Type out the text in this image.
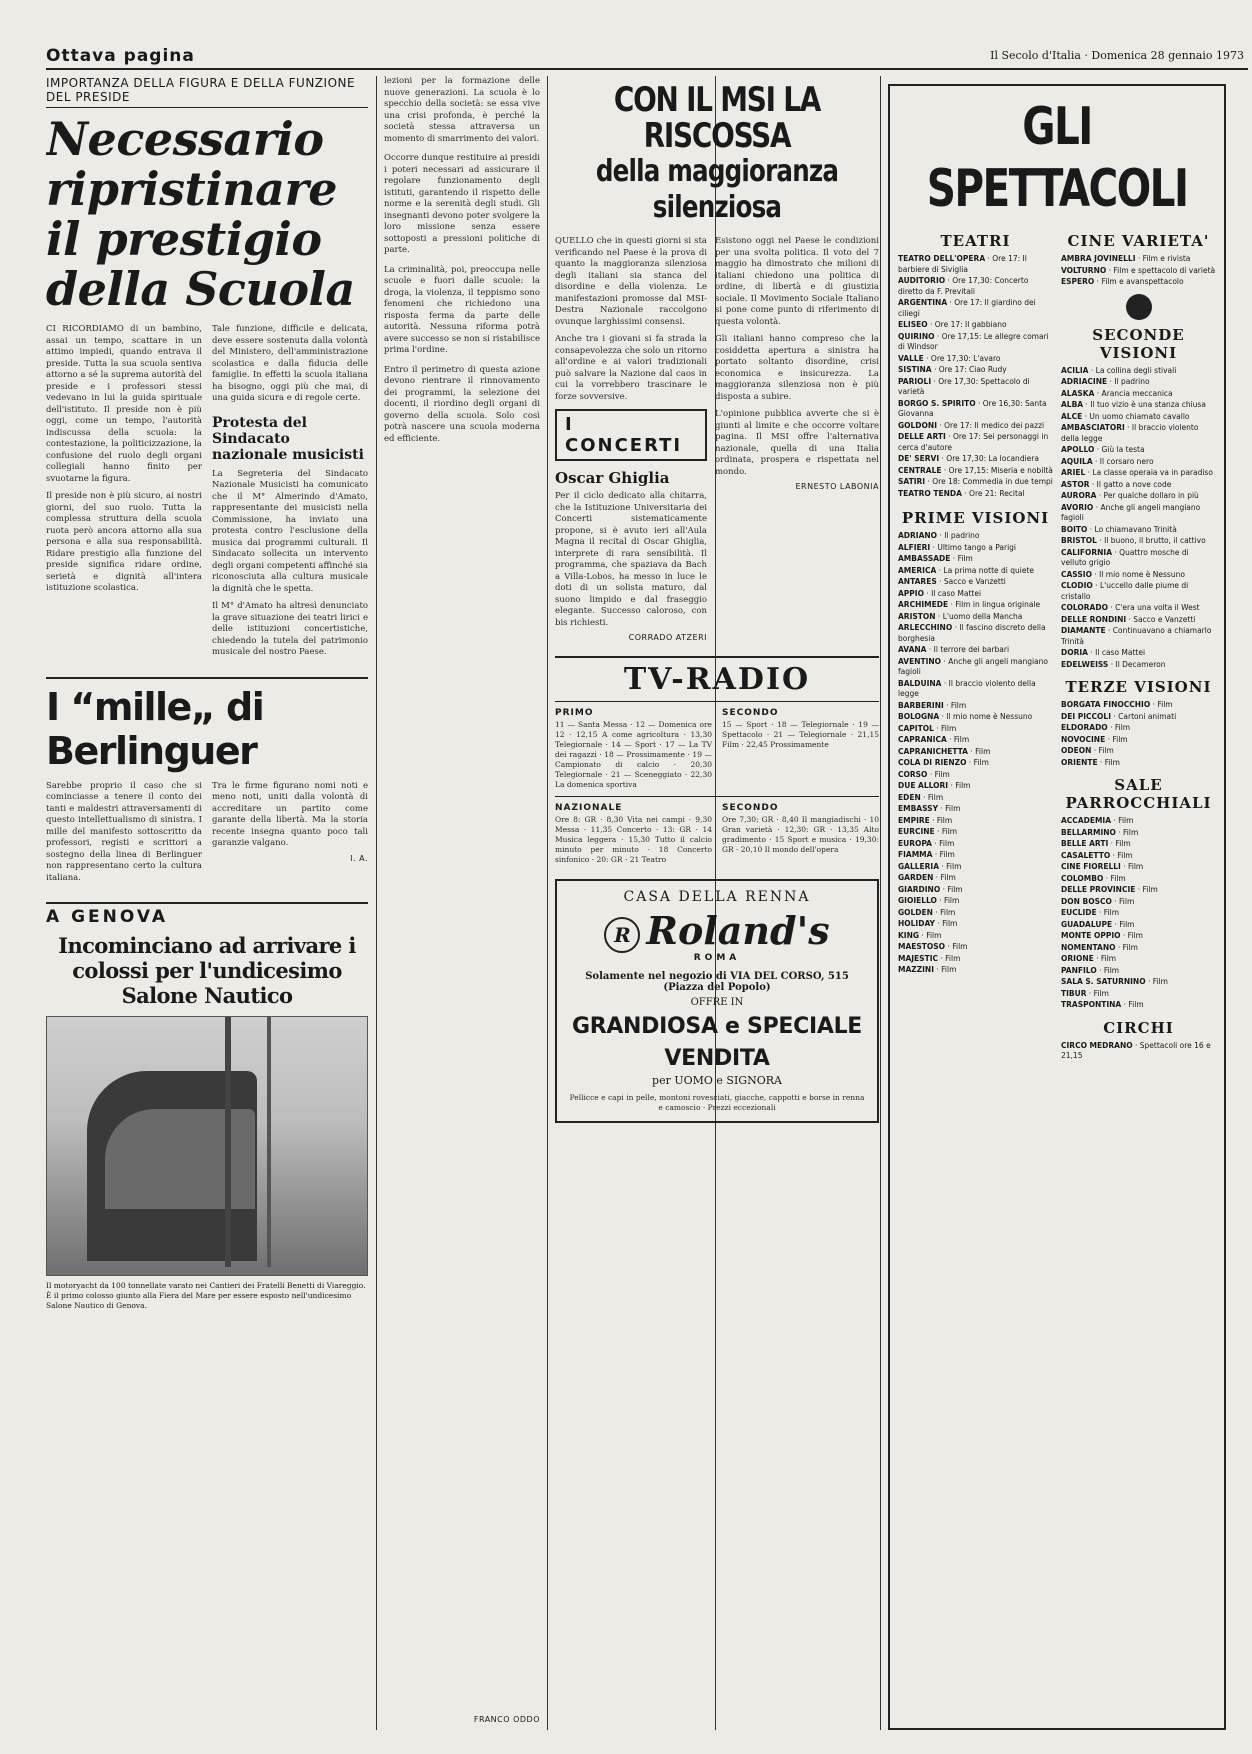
Ottava pagina	Il Secolo d'Italia · Domenica 28 gennaio 1973
IMPORTANZA DELLA FIGURA E DELLA FUNZIONE DEL PRESIDE
Necessario ripristinare
il prestigio della Scuola

CI RICORDIAMO di un bambino, assai un tempo, scattare in un attimo impiedi, quando entrava il preside. Tutta la sua scuola sentiva attorno a sé la suprema autorità del preside e i professori stessi vedevano in lui la guida spirituale dell'istituto. Il preside non è più oggi, come un tempo, l'autorità indiscussa della scuola: la contestazione, la politicizzazione, la confusione del ruolo degli organi collegiali hanno finito per svuotarne la figura.

Il preside non è più sicuro, ai nostri giorni, del suo ruolo. Tutta la complessa struttura della scuola ruota però ancora attorno alla sua persona e alla sua responsabilità. Ridare prestigio alla funzione del preside significa ridare ordine, serietà e dignità all'intera istituzione scolastica.

Tale funzione, difficile e delicata, deve essere sostenuta dalla volontà del Ministero, dell'amministrazione scolastica e dalla fiducia delle famiglie. In effetti la scuola italiana ha bisogno, oggi più che mai, di una guida sicura e di regole certe.

Protesta del Sindacato nazionale musicisti

La Segreteria del Sindacato Nazionale Musicisti ha comunicato che il M° Almerindo d'Amato, rappresentante dei musicisti nella Commissione, ha inviato una protesta contro l'esclusione della musica dai programmi culturali. Il Sindacato sollecita un intervento degli organi competenti affinché sia riconosciuta alla cultura musicale la dignità che le spetta.

Il M° d'Amato ha altresì denunciato la grave situazione dei teatri lirici e delle istituzioni concertistiche, chiedendo la tutela del patrimonio musicale del nostro Paese.

I “mille„ di Berlinguer

Sarebbe proprio il caso che si cominciasse a tenere il conto dei tanti e maldestri attraversamenti di questo intellettualismo di sinistra. I mille del manifesto sottoscritto da professori, registi e scrittori a sostegno della linea di Berlinguer non rappresentano certo la cultura italiana.

Tra le firme figurano nomi noti e meno noti, uniti dalla volontà di accreditare un partito come garante della libertà. Ma la storia recente insegna quanto poco tali garanzie valgano.

I. A.
A GENOVA
Incominciano ad arrivare i colossi per l'undicesimo Salone Nautico

Il motoryacht da 100 tonnellate varato nei Cantieri dei Fratelli Benetti di Viareggio. È il primo colosso giunto alla Fiera del Mare per essere esposto nell'undicesimo Salone Nautico di Genova.

lezioni per la formazione delle nuove generazioni. La scuola è lo specchio della società: se essa vive una crisi profonda, è perché la società stessa attraversa un momento di smarrimento dei valori.

Occorre dunque restituire ai presidi i poteri necessari ad assicurare il regolare funzionamento degli istituti, garantendo il rispetto delle norme e la serenità degli studi. Gli insegnanti devono poter svolgere la loro missione senza essere sottoposti a pressioni politiche di parte.

La criminalità, poi, preoccupa nelle scuole e fuori dalle scuole: la droga, la violenza, il teppismo sono fenomeni che richiedono una risposta ferma da parte delle autorità. Nessuna riforma potrà avere successo se non si ristabilisce prima l'ordine.

Entro il perimetro di questa azione devono rientrare il rinnovamento dei programmi, la selezione dei docenti, il riordino degli organi di governo della scuola. Solo così potrà nascere una scuola moderna ed efficiente.

FRANCO ODDO
CON IL MSI LA RISCOSSA
della maggioranza silenziosa

QUELLO che in questi giorni si sta verificando nel Paese è la prova di quanto la maggioranza silenziosa degli italiani sia stanca del disordine e della violenza. Le manifestazioni promosse dal MSI-Destra Nazionale raccolgono ovunque larghissimi consensi.

Anche tra i giovani si fa strada la consapevolezza che solo un ritorno all'ordine e ai valori tradizionali può salvare la Nazione dal caos in cui la vorrebbero trascinare le forze sovversive.

I CONCERTI
Oscar Ghiglia

Per il ciclo dedicato alla chitarra, che la Istituzione Universitaria dei Concerti sistematicamente propone, si è avuto ieri all'Aula Magna il recital di Oscar Ghiglia, interprete di rara sensibilità. Il programma, che spaziava da Bach a Villa-Lobos, ha messo in luce le doti di un solista maturo, dal suono limpido e dal fraseggio elegante. Successo caloroso, con bis richiesti.

CORRADO ATZERI

Esistono oggi nel Paese le condizioni per una svolta politica. Il voto del 7 maggio ha dimostrato che milioni di italiani chiedono una politica di ordine, di libertà e di giustizia sociale. Il Movimento Sociale Italiano si pone come punto di riferimento di questa volontà.

Gli italiani hanno compreso che la cosiddetta apertura a sinistra ha portato soltanto disordine, crisi economica e insicurezza. La maggioranza silenziosa non è più disposta a subire.

L'opinione pubblica avverte che si è giunti al limite e che occorre voltare pagina. Il MSI offre l'alternativa nazionale, quella di una Italia ordinata, prospera e rispettata nel mondo.

ERNESTO LABONIA
TV-RADIO
PRIMO

11 — Santa Messa · 12 — Domenica ore 12 · 12,15 A come agricoltura · 13,30 Telegiornale · 14 — Sport · 17 — La TV dei ragazzi · 18 — Prossimamente · 19 — Campionato di calcio · 20,30 Telegiornale · 21 — Sceneggiato · 22,30 La domenica sportiva

SECONDO

15 — Sport · 18 — Telegiornale · 19 — Spettacolo · 21 — Telegiornale · 21,15 Film · 22,45 Prossimamente

NAZIONALE

Ore 8: GR · 8,30 Vita nei campi · 9,30 Messa · 11,35 Concerto · 13: GR · 14 Musica leggera · 15,30 Tutto il calcio minuto per minuto · 18 Concerto sinfonico · 20: GR · 21 Teatro

SECONDO

Ore 7,30: GR · 8,40 Il mangiadischi · 10 Gran varietà · 12,30: GR · 13,35 Alto gradimento · 15 Sport e musica · 19,30: GR · 20,10 Il mondo dell'opera

CASA DELLA RENNA
R Roland's
ROMA
Solamente nel negozio di VIA DEL CORSO, 515 (Piazza del Popolo)
OFFRE IN
GRANDIOSA e SPECIALE
VENDITA
per UOMO e SIGNORA

Pellicce e capi in pelle, montoni rovesciati, giacche, cappotti e borse in renna e camoscio · Prezzi eccezionali

GLI SPETTACOLI
TEATRI
TEATRO DELL'OPERA · Ore 17: Il barbiere di Siviglia
AUDITORIO · Ore 17,30: Concerto diretto da F. Previtali
ARGENTINA · Ore 17: Il giardino dei ciliegi
ELISEO · Ore 17: Il gabbiano
QUIRINO · Ore 17,15: Le allegre comari di Windsor
VALLE · Ore 17,30: L'avaro
SISTINA · Ore 17: Ciao Rudy
PARIOLI · Ore 17,30: Spettacolo di varietà
BORGO S. SPIRITO · Ore 16,30: Santa Giovanna
GOLDONI · Ore 17: Il medico dei pazzi
DELLE ARTI · Ore 17: Sei personaggi in cerca d'autore
DE' SERVI · Ore 17,30: La locandiera
CENTRALE · Ore 17,15: Miseria e nobiltà
SATIRI · Ore 18: Commedia in due tempi
TEATRO TENDA · Ore 21: Recital
PRIME VISIONI
ADRIANO · Il padrino
ALFIERI · Ultimo tango a Parigi
AMBASSADE · Film
AMERICA · La prima notte di quiete
ANTARES · Sacco e Vanzetti
APPIO · Il caso Mattei
ARCHIMEDE · Film in lingua originale
ARISTON · L'uomo della Mancha
ARLECCHINO · Il fascino discreto della borghesia
AVANA · Il terrore dei barbari
AVENTINO · Anche gli angeli mangiano fagioli
BALDUINA · Il braccio violento della legge
BARBERINI · Film
BOLOGNA · Il mio nome è Nessuno
CAPITOL · Film
CAPRANICA · Film
CAPRANICHETTA · Film
COLA DI RIENZO · Film
CORSO · Film
DUE ALLORI · Film
EDEN · Film
EMBASSY · Film
EMPIRE · Film
EURCINE · Film
EUROPA · Film
FIAMMA · Film
GALLERIA · Film
GARDEN · Film
GIARDINO · Film
GIOIELLO · Film
GOLDEN · Film
HOLIDAY · Film
KING · Film
MAESTOSO · Film
MAJESTIC · Film
MAZZINI · Film
CINE VARIETA'
AMBRA JOVINELLI · Film e rivista
VOLTURNO · Film e spettacolo di varietà
ESPERO · Film e avanspettacolo
SECONDE VISIONI
ACILIA · La collina degli stivali
ADRIACINE · Il padrino
ALASKA · Arancia meccanica
ALBA · Il tuo vizio è una stanza chiusa
ALCE · Un uomo chiamato cavallo
AMBASCIATORI · Il braccio violento della legge
APOLLO · Giù la testa
AQUILA · Il corsaro nero
ARIEL · La classe operaia va in paradiso
ASTOR · Il gatto a nove code
AURORA · Per qualche dollaro in più
AVORIO · Anche gli angeli mangiano fagioli
BOITO · Lo chiamavano Trinità
BRISTOL · Il buono, il brutto, il cattivo
CALIFORNIA · Quattro mosche di velluto grigio
CASSIO · Il mio nome è Nessuno
CLODIO · L'uccello dalle piume di cristallo
COLORADO · C'era una volta il West
DELLE RONDINI · Sacco e Vanzetti
DIAMANTE · Continuavano a chiamarlo Trinità
DORIA · Il caso Mattei
EDELWEISS · Il Decameron
TERZE VISIONI
BORGATA FINOCCHIO · Film
DEI PICCOLI · Cartoni animati
ELDORADO · Film
NOVOCINE · Film
ODEON · Film
ORIENTE · Film
SALE PARROCCHIALI
ACCADEMIA · Film
BELLARMINO · Film
BELLE ARTI · Film
CASALETTO · Film
CINE FIORELLI · Film
COLOMBO · Film
DELLE PROVINCIE · Film
DON BOSCO · Film
EUCLIDE · Film
GUADALUPE · Film
MONTE OPPIO · Film
NOMENTANO · Film
ORIONE · Film
PANFILO · Film
SALA S. SATURNINO · Film
TIBUR · Film
TRASPONTINA · Film
CIRCHI
CIRCO MEDRANO · Spettacoli ore 16 e 21,15
